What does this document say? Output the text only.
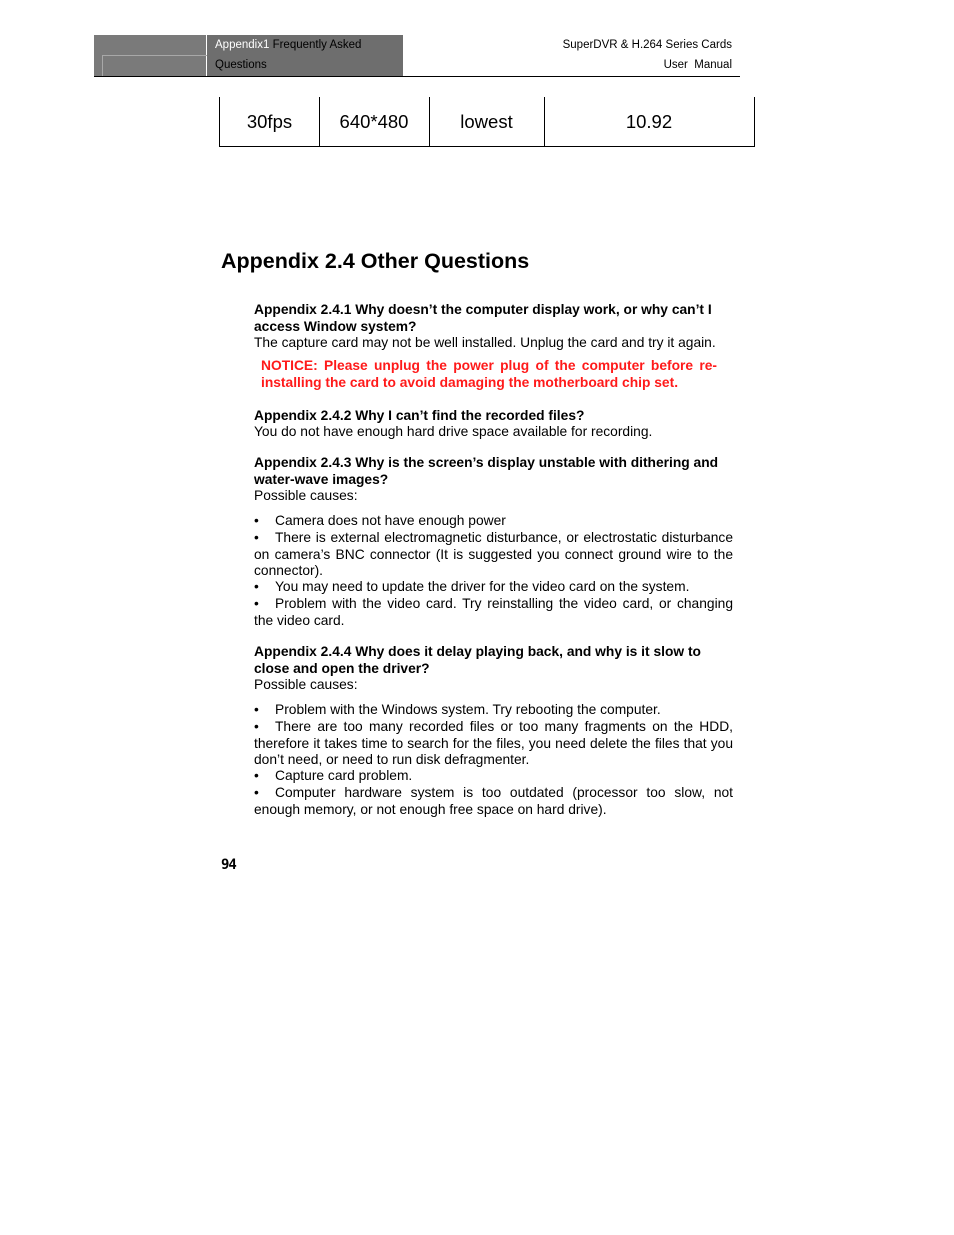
Appendix1 Frequently Asked
Questions
SuperDVR & H.264 Series Cards
User  Manual
30fps	640*480	lowest	10.92
Appendix 2.4 Other Questions
Appendix 2.4.1 Why doesn’t the computer display work, or why can’t I access Window system?
The capture card may not be well installed. Unplug the card and try it again.
NOTICE: Please unplug the power plug of the computer before re-installing the card to avoid damaging the motherboard chip set.
Appendix 2.4.2 Why I can’t find the recorded files?
You do not have enough hard drive space available for recording.
Appendix 2.4.3 Why is the screen’s display unstable with dithering and water-wave images?
Possible causes:
•	Camera does not have enough power
•	There is external electromagnetic disturbance, or electrostatic disturbance on camera’s BNC connector (It is suggested you connect ground wire to the connector).
•	You may need to update the driver for the video card on the system.
•	Problem with the video card. Try reinstalling the video card, or changing the video card.
Appendix 2.4.4 Why does it delay playing back, and why is it slow to close and open the driver?
Possible causes:
•	Problem with the Windows system. Try rebooting the computer.
•	There are too many recorded files or too many fragments on the HDD, therefore it takes time to search for the files, you need delete the files that you don’t need, or need to run disk defragmenter.
•	Capture card problem.
•	Computer hardware system is too outdated (processor too slow, not enough memory, or not enough free space on hard drive).
94
